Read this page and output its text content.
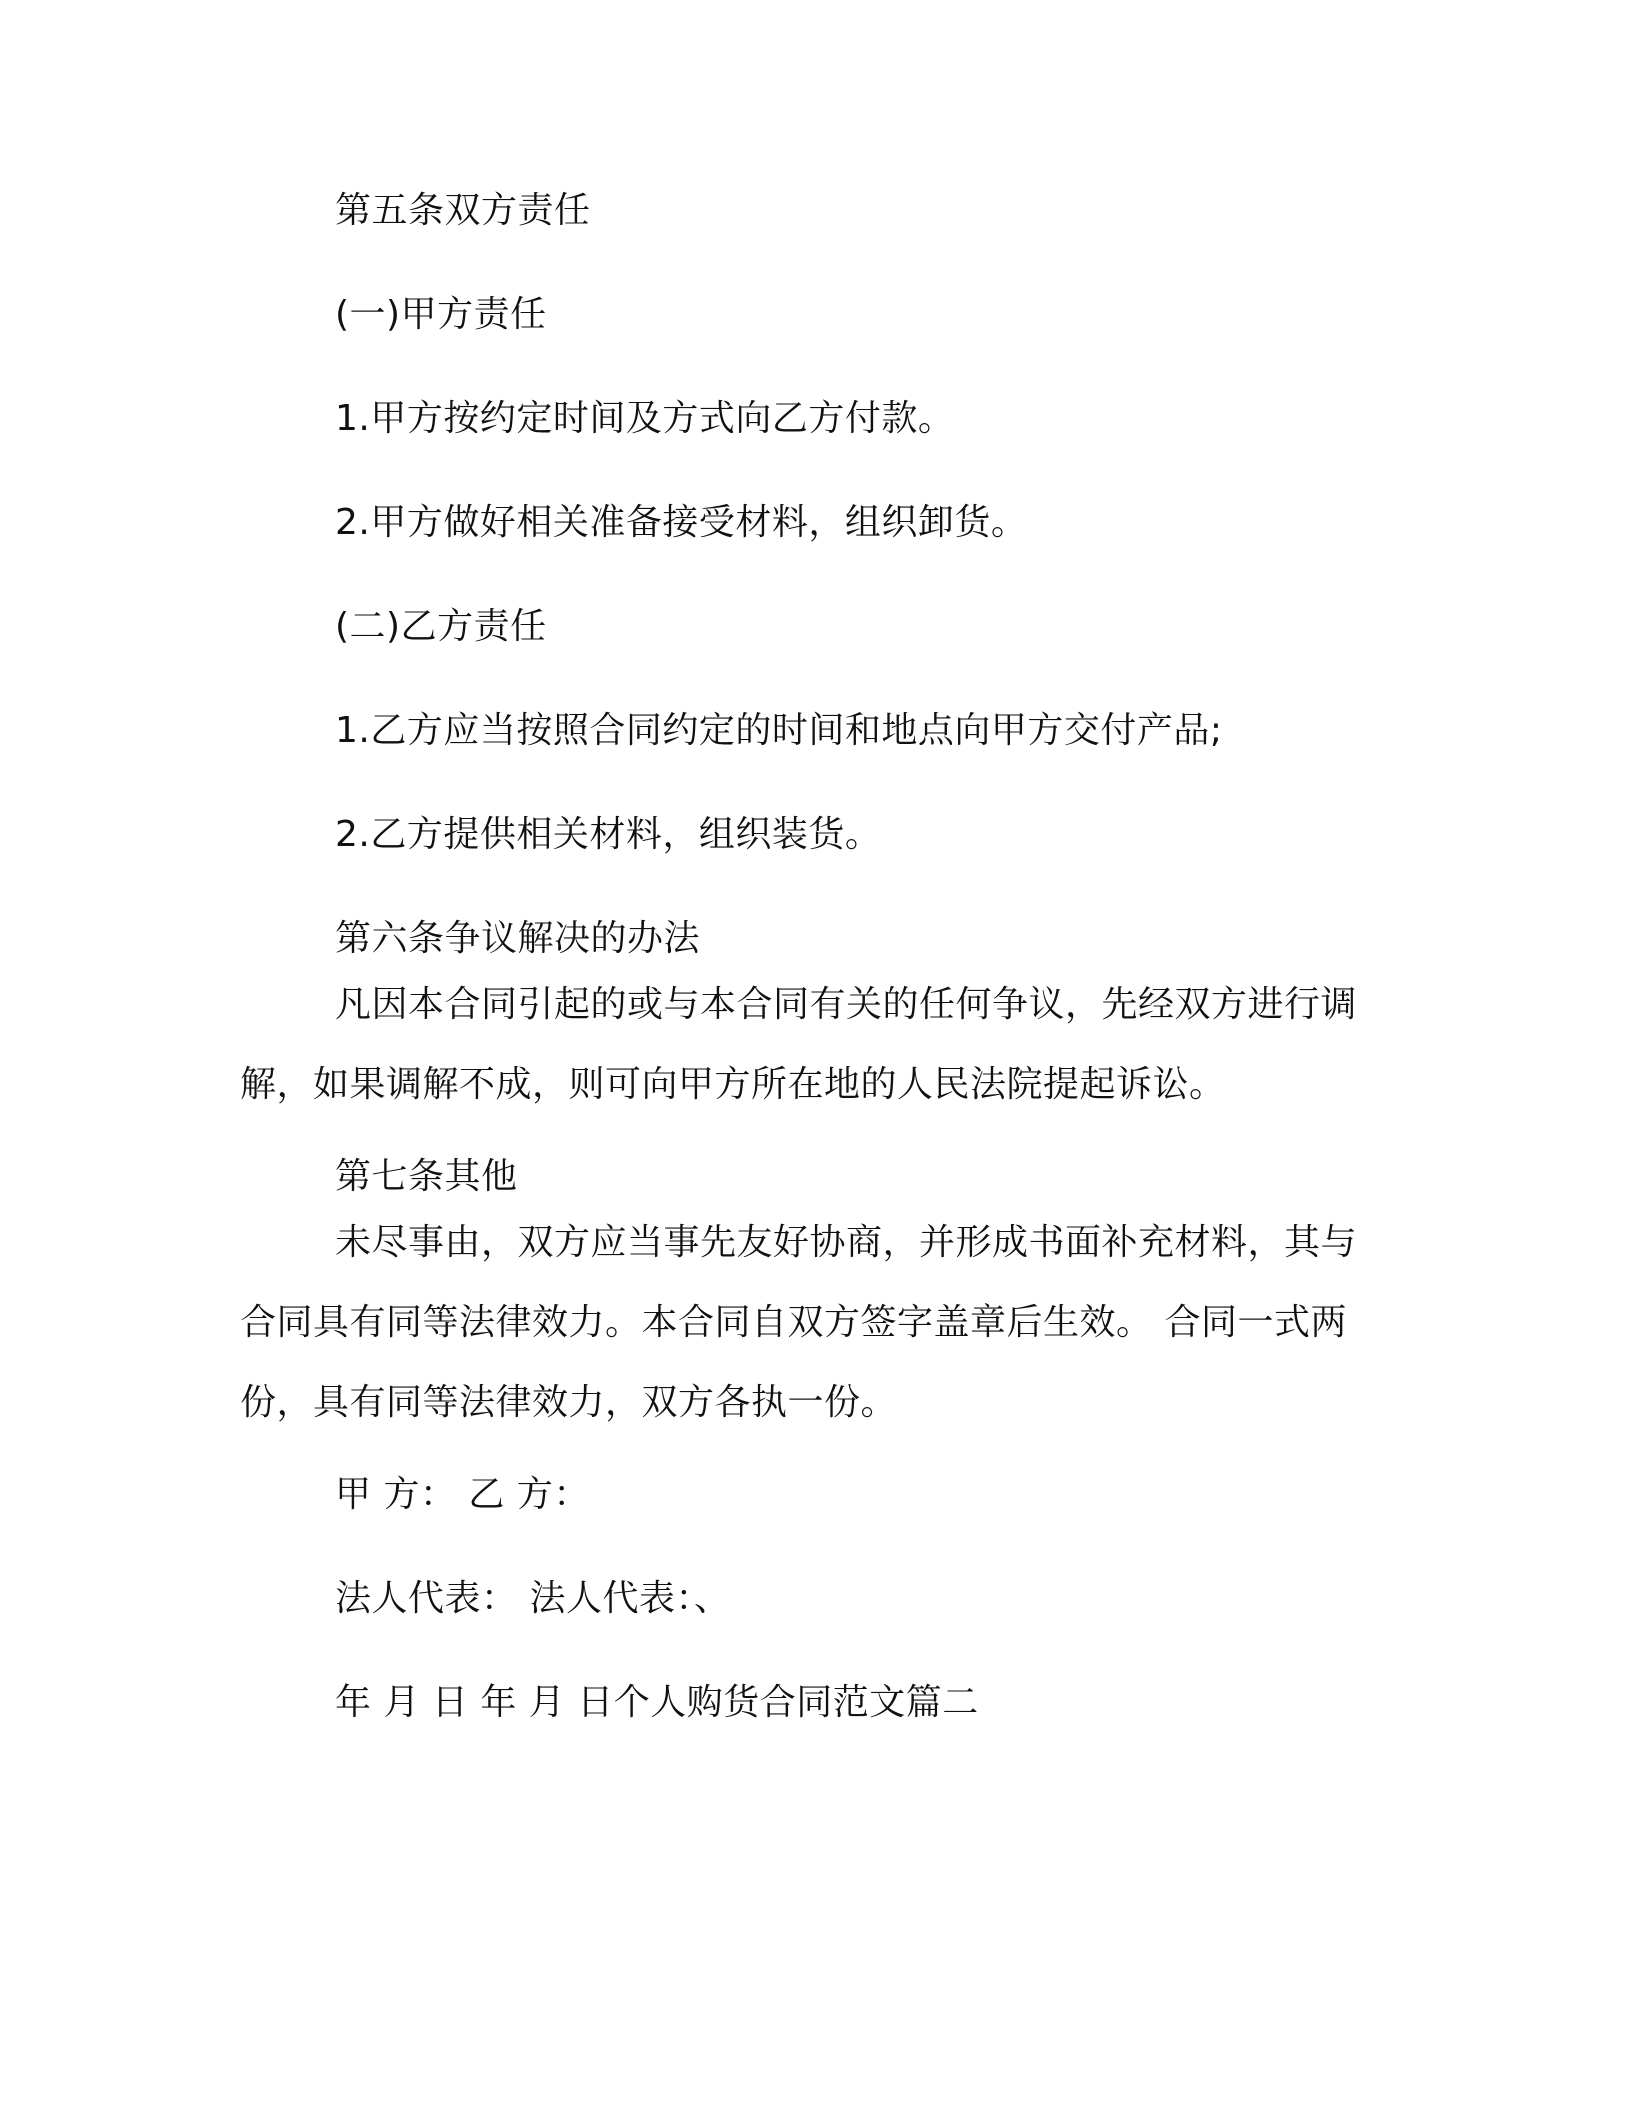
第五条双方责任

(一)甲方责任

1.甲方按约定时间及方式向乙方付款。

2.甲方做好相关准备接受材料，组织卸货。

(二)乙方责任

1.乙方应当按照合同约定的时间和地点向甲方交付产品;

2.乙方提供相关材料，组织装货。

第六条争议解决的办法

凡因本合同引起的或与本合同有关的任何争议，先经双方进行调解，如果调解不成，则可向甲方所在地的人民法院提起诉讼。

第七条其他

未尽事由，双方应当事先友好协商，并形成书面补充材料，其与合同具有同等法律效力。本合同自双方签字盖章后生效。 合同一式两份，具有同等法律效力，双方各执一份。

甲 方： 乙 方：

法人代表： 法人代表：、

年 月 日 年 月 日个人购货合同范文篇二
